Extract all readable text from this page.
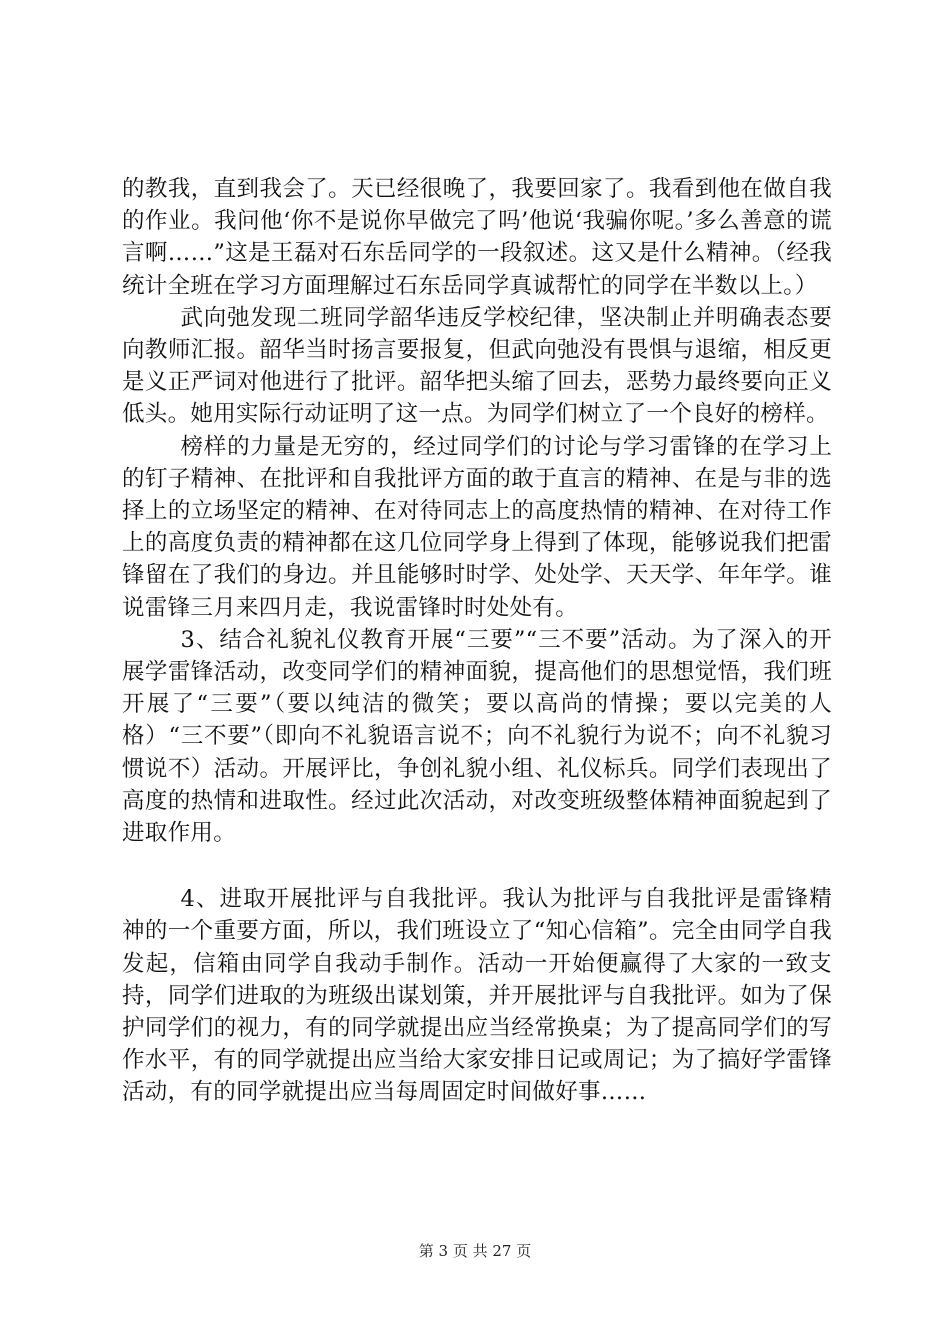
的教我，直到我会了。天已经很晚了，我要回家了。我看到他在做自我的作业。我问他‘你不是说你早做完了吗’他说‘我骗你呢。’多么善意的谎言啊……”这是王磊对石东岳同学的一段叙述。这又是什么精神。（经我统计全班在学习方面理解过石东岳同学真诚帮忙的同学在半数以上。）

武向弛发现二班同学韶华违反学校纪律，坚决制止并明确表态要向教师汇报。韶华当时扬言要报复，但武向弛没有畏惧与退缩，相反更是义正严词对他进行了批评。韶华把头缩了回去，恶势力最终要向正义低头。她用实际行动证明了这一点。为同学们树立了一个良好的榜样。

榜样的力量是无穷的，经过同学们的讨论与学习雷锋的在学习上的钉子精神、在批评和自我批评方面的敢于直言的精神、在是与非的选择上的立场坚定的精神、在对待同志上的高度热情的精神、在对待工作上的高度负责的精神都在这几位同学身上得到了体现，能够说我们把雷锋留在了我们的身边。并且能够时时学、处处学、天天学、年年学。谁说雷锋三月来四月走，我说雷锋时时处处有。

3、结合礼貌礼仪教育开展“三要”“三不要”活动。为了深入的开展学雷锋活动，改变同学们的精神面貌，提高他们的思想觉悟，我们班开展了“三要”（要以纯洁的微笑；要以高尚的情操；要以完美的人格）“三不要”（即向不礼貌语言说不；向不礼貌行为说不；向不礼貌习惯说不）活动。开展评比，争创礼貌小组、礼仪标兵。同学们表现出了高度的热情和进取性。经过此次活动，对改变班级整体精神面貌起到了进取作用。

4、进取开展批评与自我批评。我认为批评与自我批评是雷锋精神的一个重要方面，所以，我们班设立了“知心信箱”。完全由同学自我发起，信箱由同学自我动手制作。活动一开始便赢得了大家的一致支持，同学们进取的为班级出谋划策，并开展批评与自我批评。如为了保护同学们的视力，有的同学就提出应当经常换桌；为了提高同学们的写作水平，有的同学就提出应当给大家安排日记或周记；为了搞好学雷锋活动，有的同学就提出应当每周固定时间做好事……

第 3 页 共 27 页
